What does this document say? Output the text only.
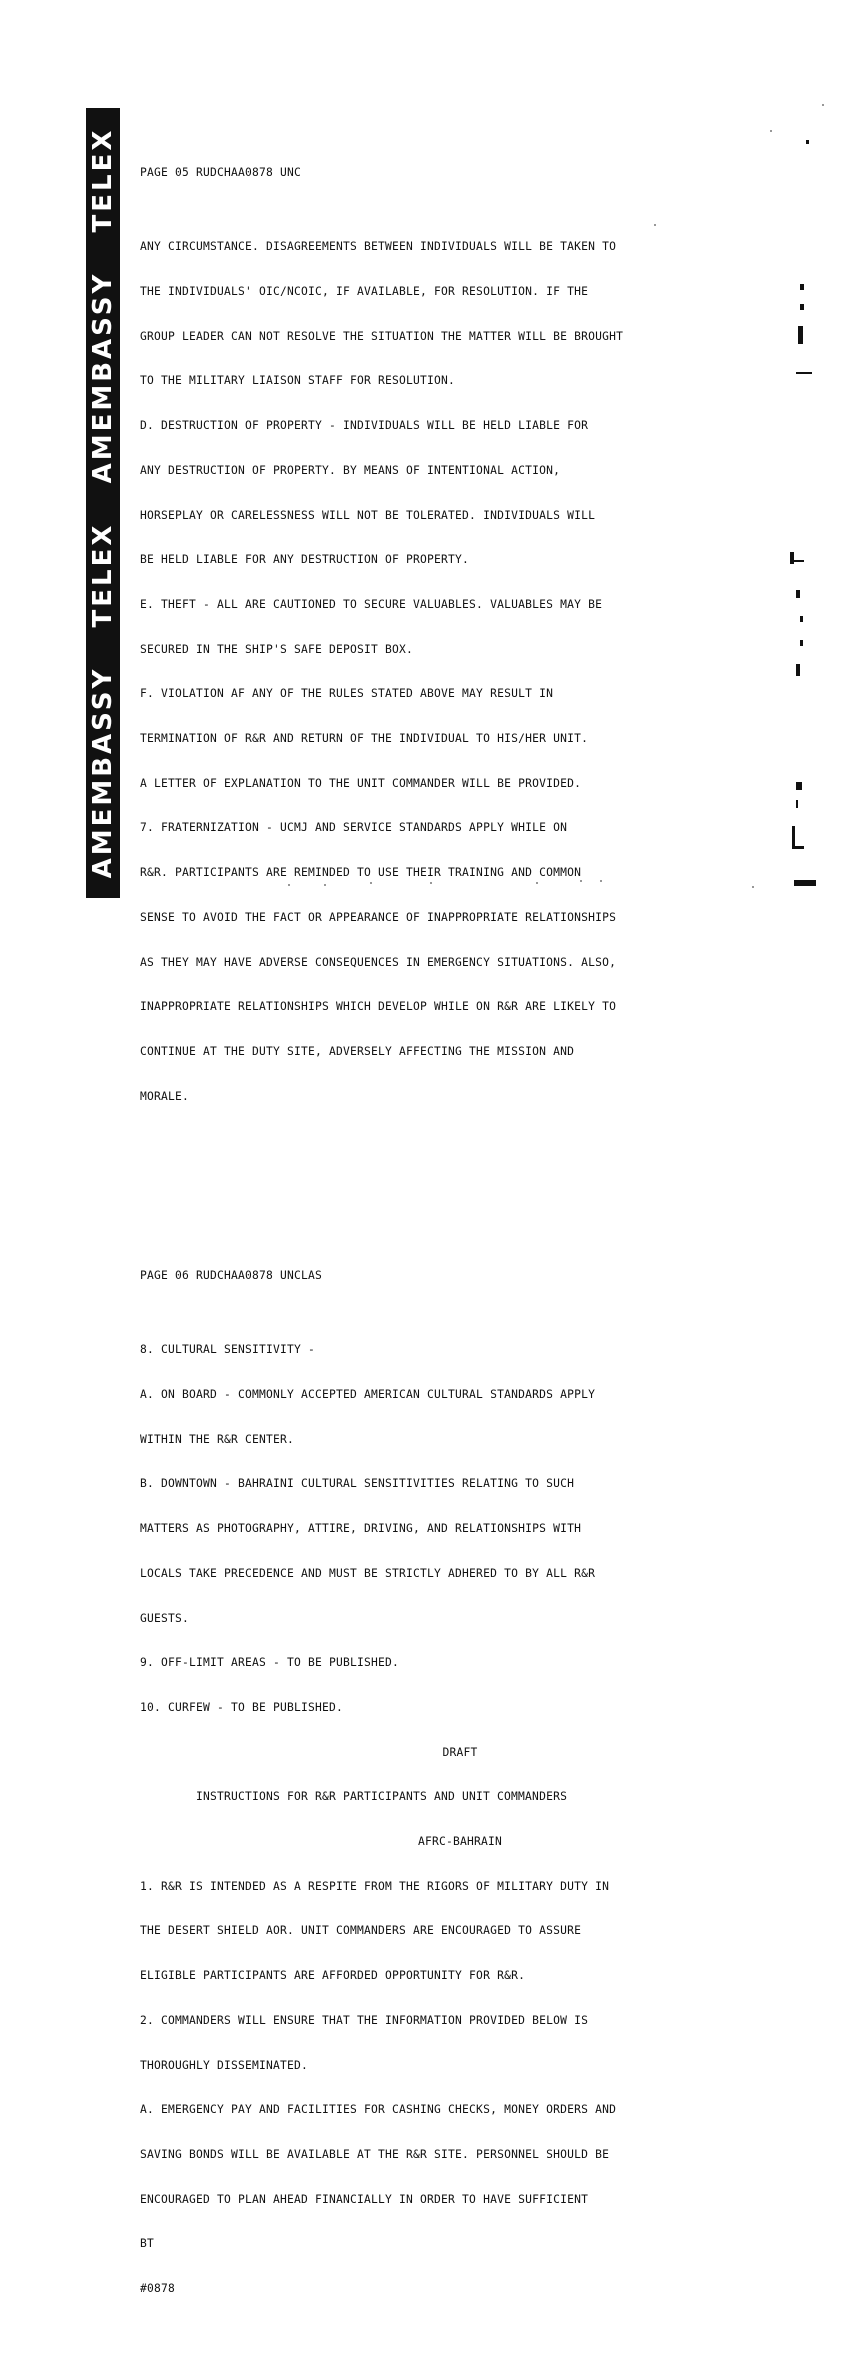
AMEMBASSY
TELEX
AMEMBASSY
TELEX

PAGE 05 RUDCHAA0878 UNC

ANY CIRCUMSTANCE. DISAGREEMENTS BETWEEN INDIVIDUALS WILL BE TAKEN TO

THE INDIVIDUALS' OIC/NCOIC, IF AVAILABLE, FOR RESOLUTION. IF THE

GROUP LEADER CAN NOT RESOLVE THE SITUATION THE MATTER WILL BE BROUGHT

TO THE MILITARY LIAISON STAFF FOR RESOLUTION.

D. DESTRUCTION OF PROPERTY - INDIVIDUALS WILL BE HELD LIABLE FOR

ANY DESTRUCTION OF PROPERTY. BY MEANS OF INTENTIONAL ACTION,

HORSEPLAY OR CARELESSNESS WILL NOT BE TOLERATED. INDIVIDUALS WILL

BE HELD LIABLE FOR ANY DESTRUCTION OF PROPERTY.

E. THEFT - ALL ARE CAUTIONED TO SECURE VALUABLES. VALUABLES MAY BE

SECURED IN THE SHIP'S SAFE DEPOSIT BOX.

F. VIOLATION AF ANY OF THE RULES STATED ABOVE MAY RESULT IN

TERMINATION OF R&R AND RETURN OF THE INDIVIDUAL TO HIS/HER UNIT.

A LETTER OF EXPLANATION TO THE UNIT COMMANDER WILL BE PROVIDED.

7. FRATERNIZATION - UCMJ AND SERVICE STANDARDS APPLY WHILE ON

R&R. PARTICIPANTS ARE REMINDED TO USE THEIR TRAINING AND COMMON

SENSE TO AVOID THE FACT OR APPEARANCE OF INAPPROPRIATE RELATIONSHIPS

AS THEY MAY HAVE ADVERSE CONSEQUENCES IN EMERGENCY SITUATIONS. ALSO,

INAPPROPRIATE RELATIONSHIPS WHICH DEVELOP WHILE ON R&R ARE LIKELY TO

CONTINUE AT THE DUTY SITE, ADVERSELY AFFECTING THE MISSION AND

MORALE.

PAGE 06 RUDCHAA0878 UNCLAS

8. CULTURAL SENSITIVITY -

A. ON BOARD - COMMONLY ACCEPTED AMERICAN CULTURAL STANDARDS APPLY

WITHIN THE R&R CENTER.

B. DOWNTOWN - BAHRAINI CULTURAL SENSITIVITIES RELATING TO SUCH

MATTERS AS PHOTOGRAPHY, ATTIRE, DRIVING, AND RELATIONSHIPS WITH

LOCALS TAKE PRECEDENCE AND MUST BE STRICTLY ADHERED TO BY ALL R&R

GUESTS.

9. OFF-LIMIT AREAS - TO BE PUBLISHED.

10. CURFEW - TO BE PUBLISHED.

DRAFT

INSTRUCTIONS FOR R&R PARTICIPANTS AND UNIT COMMANDERS

AFRC-BAHRAIN

1. R&R IS INTENDED AS A RESPITE FROM THE RIGORS OF MILITARY DUTY IN

THE DESERT SHIELD AOR. UNIT COMMANDERS ARE ENCOURAGED TO ASSURE

ELIGIBLE PARTICIPANTS ARE AFFORDED OPPORTUNITY FOR R&R.

2. COMMANDERS WILL ENSURE THAT THE INFORMATION PROVIDED BELOW IS

THOROUGHLY DISSEMINATED.

A. EMERGENCY PAY AND FACILITIES FOR CASHING CHECKS, MONEY ORDERS AND

SAVING BONDS WILL BE AVAILABLE AT THE R&R SITE. PERSONNEL SHOULD BE

ENCOURAGED TO PLAN AHEAD FINANCIALLY IN ORDER TO HAVE SUFFICIENT

BT

#0878
